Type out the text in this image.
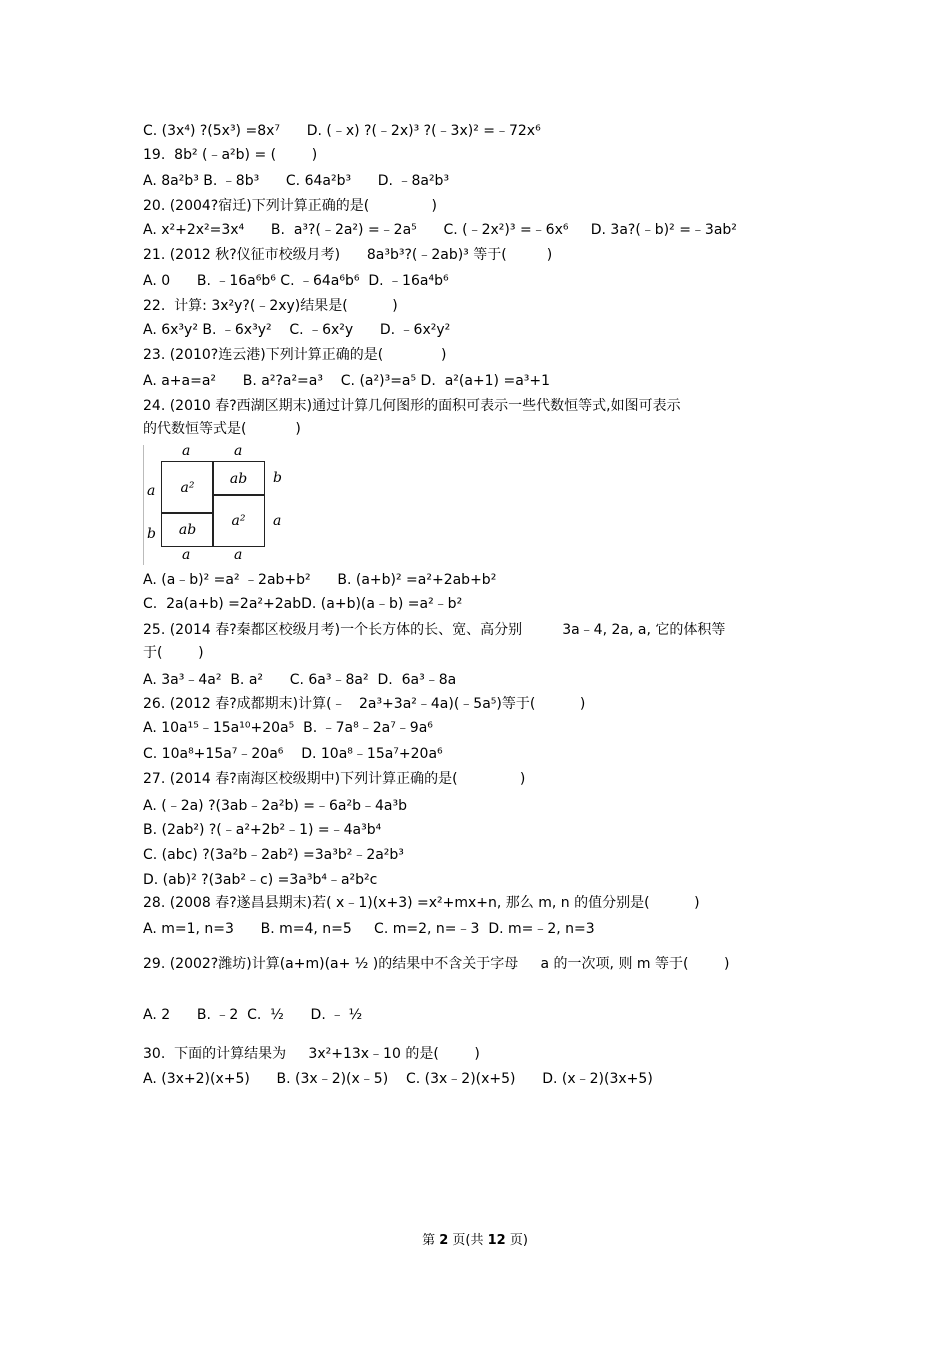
C. (3x⁴) ?(5x³) =8x⁷      D. (﹣x) ?(﹣2x)³ ?(﹣3x)² =﹣72x⁶
19.  8b² (﹣a²b) = (        )
A. 8a²b³ B. ﹣8b³      C. 64a²b³      D. ﹣8a²b³
20. (2004?宿迁)下列计算正确的是(              )
A. x²+2x²=3x⁴      B.  a³?(﹣2a²) =﹣2a⁵      C. (﹣2x²)³ =﹣6x⁶     D. 3a?(﹣b)² =﹣3ab²
21. (2012 秋?仪征市校级月考)      8a³b³?(﹣2ab)³ 等于(         )
A. 0      B. ﹣16a⁶b⁶ C. ﹣64a⁶b⁶  D. ﹣16a⁴b⁶
22.  计算: 3x²y?(﹣2xy)结果是(          )
A. 6x³y² B. ﹣6x³y²    C. ﹣6x²y      D. ﹣6x²y²
23. (2010?连云港)下列计算正确的是(             )
A. a+a=a²      B. a²?a²=a³    C. (a²)³=a⁵ D.  a²(a+1) =a³+1
24. (2010 春?西湖区期末)通过计算几何图形的面积可表示一些代数恒等式,如图可表示
的代数恒等式是(           )
a	a
a
b
b
a
a	a
a²
ab
ab
a²
A. (a﹣b)² =a² ﹣2ab+b²      B. (a+b)² =a²+2ab+b²
C.  2a(a+b) =2a²+2abD. (a+b)(a﹣b) =a²﹣b²
25. (2014 春?秦都区校级月考)一个长方体的长、宽、高分别         3a﹣4, 2a, a, 它的体积等
于(        )
A. 3a³﹣4a²  B. a²      C. 6a³﹣8a²  D.  6a³﹣8a
26. (2012 春?成都期末)计算(﹣   2a³+3a²﹣4a)(﹣5a⁵)等于(          )
A. 10a¹⁵﹣15a¹⁰+20a⁵  B. ﹣7a⁸﹣2a⁷﹣9a⁶
C. 10a⁸+15a⁷﹣20a⁶    D. 10a⁸﹣15a⁷+20a⁶
27. (2014 春?南海区校级期中)下列计算正确的是(              )
A. (﹣2a) ?(3ab﹣2a²b) =﹣6a²b﹣4a³b
B. (2ab²) ?(﹣a²+2b²﹣1) =﹣4a³b⁴
C. (abc) ?(3a²b﹣2ab²) =3a³b²﹣2a²b³
D. (ab)² ?(3ab²﹣c) =3a³b⁴﹣a²b²c
28. (2008 春?遂昌县期末)若( x﹣1)(x+3) =x²+mx+n, 那么 m, n 的值分别是(          )
A. m=1, n=3      B. m=4, n=5     C. m=2, n=﹣3  D. m=﹣2, n=3
29. (2002?潍坊)计算(a+m)(a+ ½ )的结果中不含关于字母     a 的一次项, 则 m 等于(        )
A. 2      B. ﹣2  C.  ½      D. ﹣ ½
30.  下面的计算结果为     3x²+13x﹣10 的是(        )
A. (3x+2)(x+5)      B. (3x﹣2)(x﹣5)    C. (3x﹣2)(x+5)      D. (x﹣2)(3x+5)
第 2 页(共 12 页)
